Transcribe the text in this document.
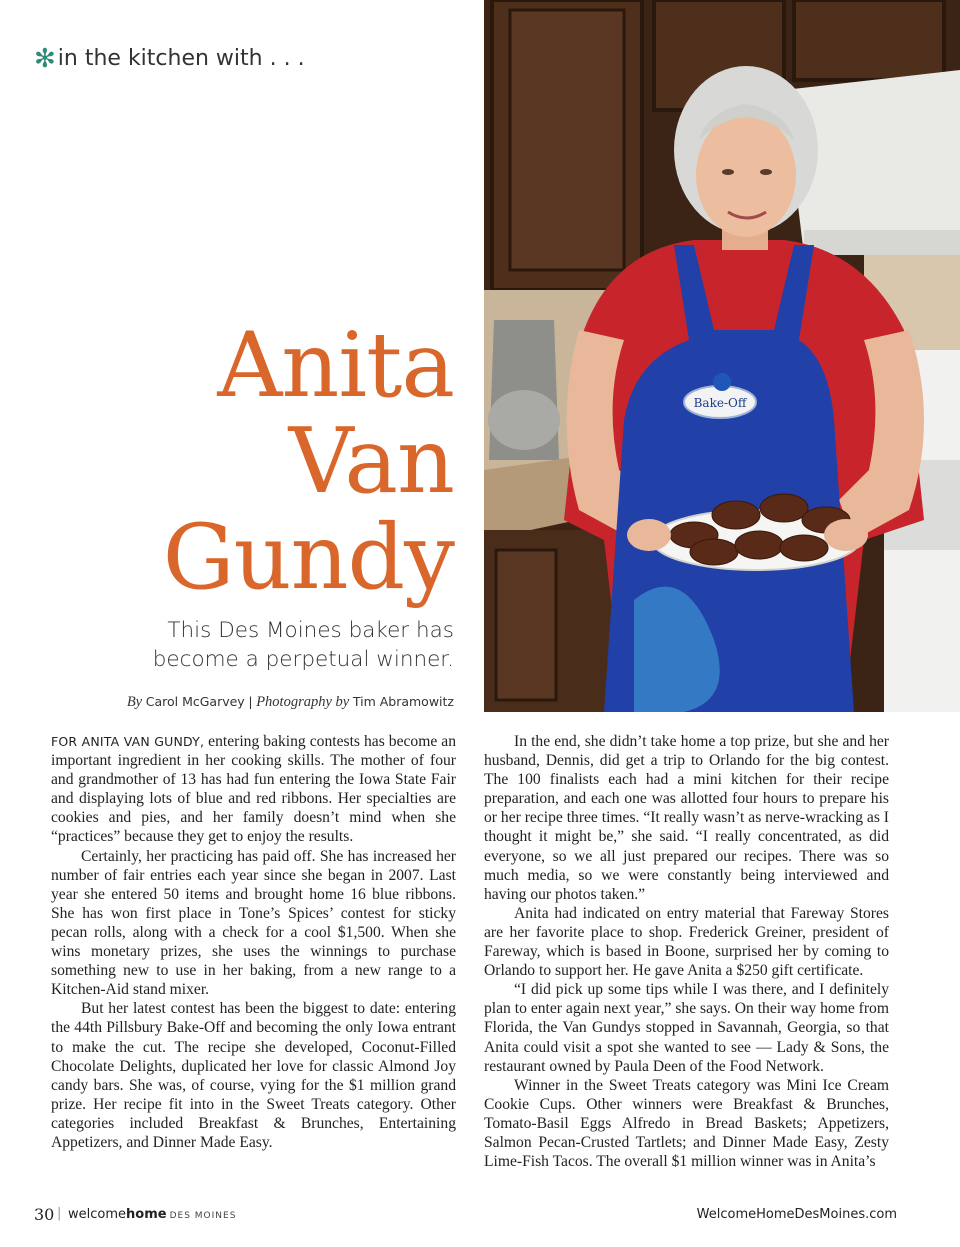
✻in the kitchen with . . .
Anita
Van
Gundy
This Des Moines baker has
become a perpetual winner.
By Carol McGarvey | Photography by Tim Abramowitz
Bake-Off

FOR ANITA VAN GUNDY, entering baking contests has become an important ingredient in her cooking skills. The mother of four and grandmother of 13 has had fun entering the Iowa State Fair and displaying lots of blue and red ribbons. Her specialties are cookies and pies, and her family doesn’t mind when she “practices” because they get to enjoy the results.

Certainly, her practicing has paid off. She has increased her number of fair entries each year since she began in 2007. Last year she entered 50 items and brought home 16 blue ribbons. She has won first place in Tone’s Spices’ contest for sticky pecan rolls, along with a check for a cool $1,500. When she wins monetary prizes, she uses the winnings to purchase something new to use in her baking, from a new range to a Kitchen-Aid stand mixer.

But her latest contest has been the biggest to date: entering the 44th Pillsbury Bake-Off and becoming the only Iowa entrant to make the cut. The recipe she developed, Coconut-Filled Chocolate Delights, duplicated her love for classic Almond Joy candy bars. She was, of course, vying for the $1 million grand prize. Her recipe fit into in the Sweet Treats category. Other categories included Breakfast & Brunches, Entertaining Appetizers, and Dinner Made Easy.

In the end, she didn’t take home a top prize, but she and her husband, Dennis, did get a trip to Orlando for the big contest. The 100 finalists each had a mini kitchen for their recipe preparation, and each one was allotted four hours to prepare his or her recipe three times. “It really wasn’t as nerve-wracking as I thought it might be,” she said. “I really concentrated, as did everyone, so we all just prepared our recipes. There was so much media, so we were constantly being interviewed and having our photos taken.”

Anita had indicated on entry material that Fareway Stores are her favorite place to shop. Frederick Greiner, president of Fareway, which is based in Boone, surprised her by coming to Orlando to support her. He gave Anita a $250 gift certificate.

“I did pick up some tips while I was there, and I definitely plan to enter again next year,” she says. On their way home from Florida, the Van Gundys stopped in Savannah, Georgia, so that Anita could visit a spot she wanted to see — Lady & Sons, the restaurant owned by Paula Deen of the Food Network.

Winner in the Sweet Treats category was Mini Ice Cream Cookie Cups. Other winners were Breakfast & Brunches, Tomato-Basil Eggs Alfredo in Bread Baskets; Appetizers, Salmon Pecan-Crusted Tartlets; and Dinner Made Easy, Zesty Lime-Fish Tacos. The overall $1 million winner was in Anita’s

30 | welcomehome DES MOINES	WelcomeHomeDesMoines.com
